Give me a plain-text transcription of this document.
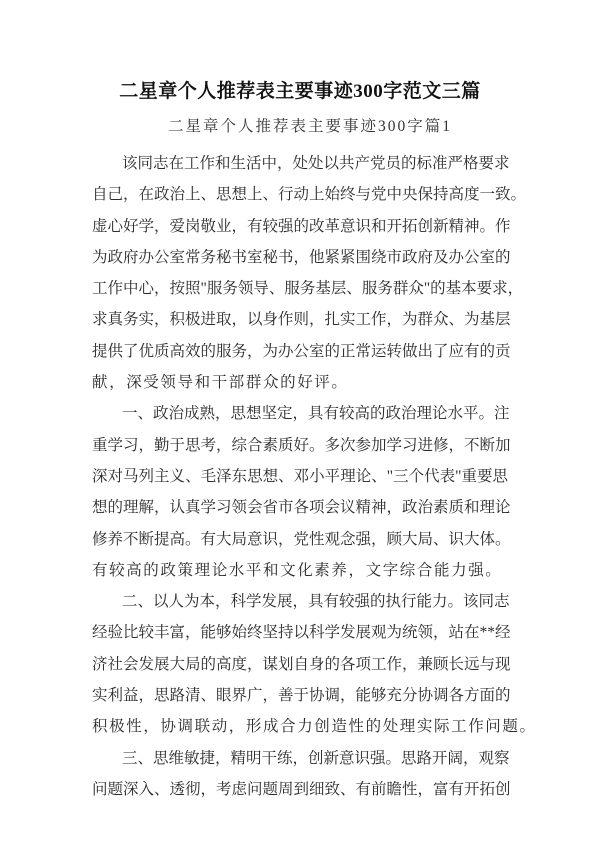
二星章个人推荐表主要事迹300字范文三篇
二星章个人推荐表主要事迹300字篇1
该同志在工作和生活中，处处以共产党员的标准严格要求
自己，在政治上、思想上、行动上始终与党中央保持高度一致。
虚心好学，爱岗敬业，有较强的改革意识和开拓创新精神。作
为政府办公室常务秘书室秘书，他紧紧围绕市政府及办公室的
工作中心，按照"服务领导、服务基层、服务群众"的基本要求，
求真务实，积极进取，以身作则，扎实工作，为群众、为基层
提供了优质高效的服务，为办公室的正常运转做出了应有的贡
献，深受领导和干部群众的好评。
一、政治成熟，思想坚定，具有较高的政治理论水平。注
重学习，勤于思考，综合素质好。多次参加学习进修，不断加
深对马列主义、毛泽东思想、邓小平理论、"三个代表"重要思
想的理解，认真学习领会省市各项会议精神，政治素质和理论
修养不断提高。有大局意识，党性观念强，顾大局、识大体。
有较高的政策理论水平和文化素养，文字综合能力强。
二、以人为本，科学发展，具有较强的执行能力。该同志
经验比较丰富，能够始终坚持以科学发展观为统领，站在**经
济社会发展大局的高度，谋划自身的各项工作，兼顾长远与现
实利益，思路清、眼界广，善于协调，能够充分协调各方面的
积极性，协调联动，形成合力创造性的处理实际工作问题。
三、思维敏捷，精明干练，创新意识强。思路开阔，观察
问题深入、透彻，考虑问题周到细致、有前瞻性，富有开拓创
